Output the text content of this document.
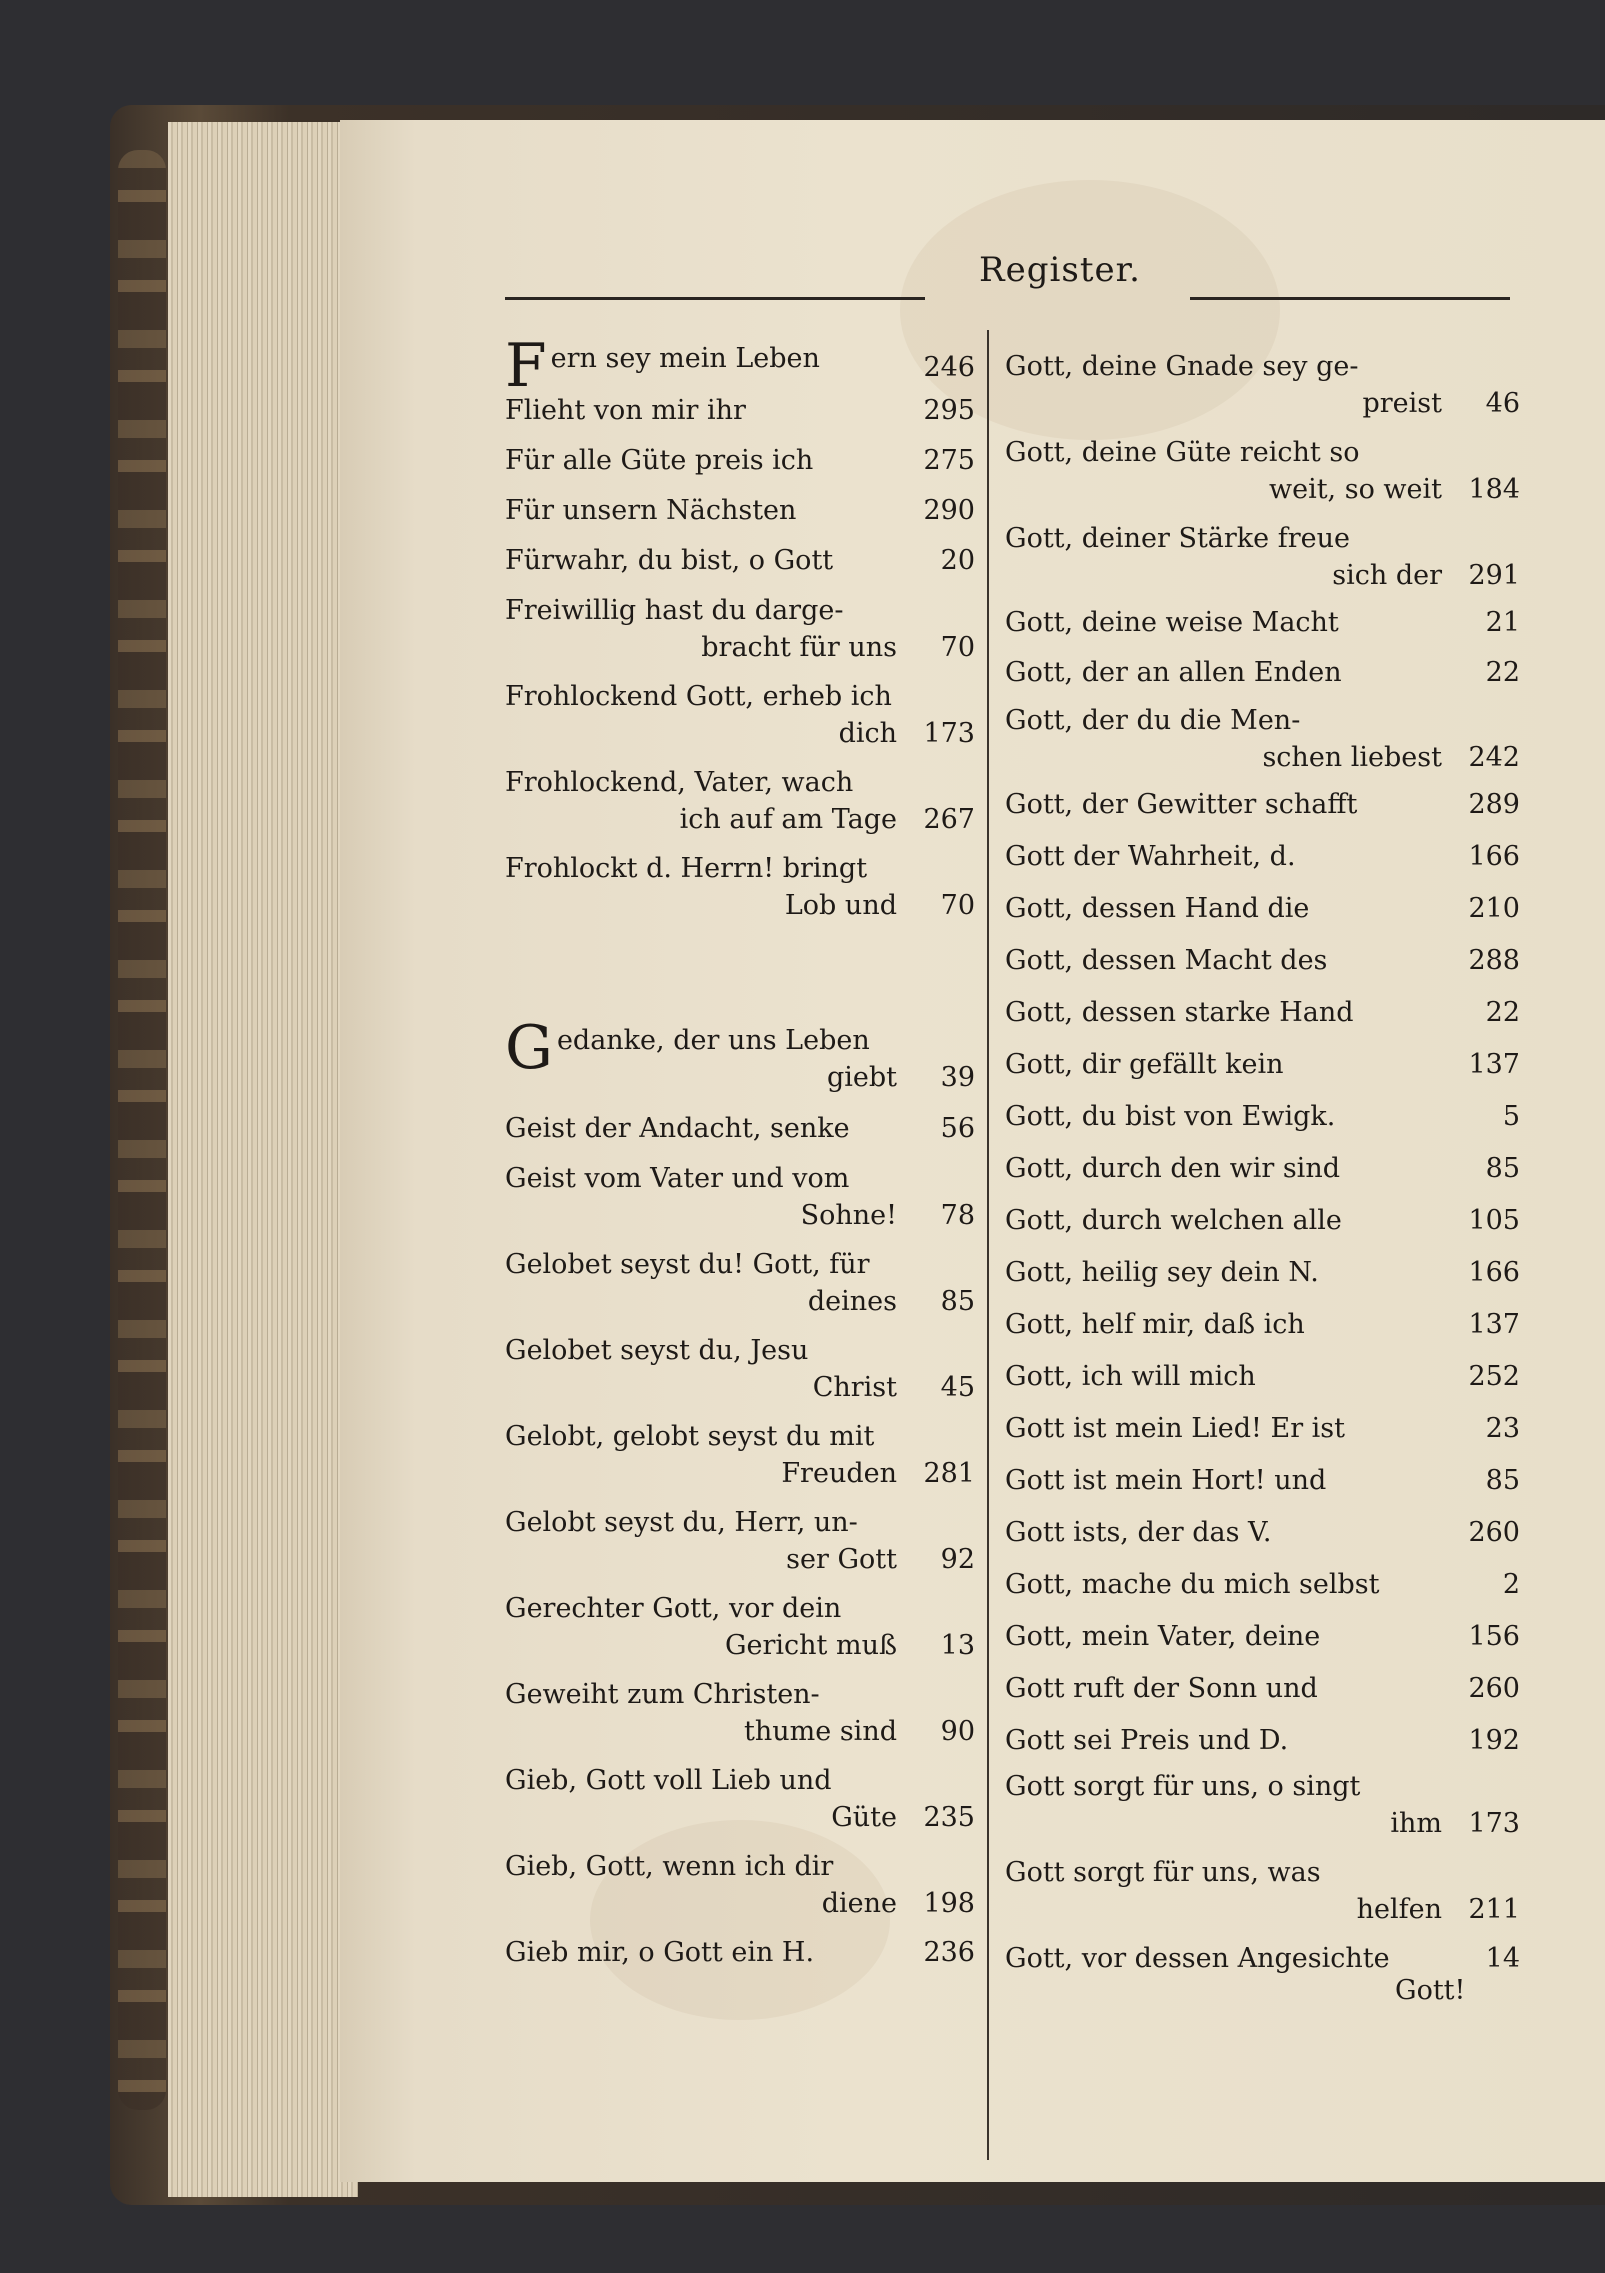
Register.
Fern sey mein Leben	246
Flieht von mir ihr	295
Für alle Güte preis ich	275
Für unsern Nächsten	290
Fürwahr, du bist, o Gott	20
Freiwillig hast du darge-
bracht für uns	70
Frohlockend Gott, erheb ich
dich 173
Frohlockend, Vater, wach
ich auf am Tage 267
Frohlockt d. Herrn! bringt
Lob und	70
Gedanke, der uns Leben
giebt	39
Geist der Andacht, senke	56
Geist vom Vater und vom
Sohne!	78
Gelobet seyst du! Gott, für
deines	85
Gelobet seyst du, Jesu
Christ	45
Gelobt, gelobt seyst du mit
Freuden 281
Gelobt seyst du, Herr, un-
ser Gott	92
Gerechter Gott, vor dein
Gericht muß	13
Geweiht zum Christen-
thume sind	90
Gieb, Gott voll Lieb und
Güte 235
Gieb, Gott, wenn ich dir
diene 198
Gieb mir, o Gott ein H.	236
Gott, deine Gnade sey ge-
preist	46
Gott, deine Güte reicht so
weit, so weit 184
Gott, deiner Stärke freue
sich der 291
Gott, deine weise Macht	21
Gott, der an allen Enden	22
Gott, der du die Men-
schen liebest 242
Gott, der Gewitter schafft	289
Gott der Wahrheit, d.	166
Gott, dessen Hand die	210
Gott, dessen Macht des	288
Gott, dessen starke Hand	22
Gott, dir gefällt kein	137
Gott, du bist von Ewigk.	5
Gott, durch den wir sind	85
Gott, durch welchen alle	105
Gott, heilig sey dein N.	166
Gott, helf mir, daß ich	137
Gott, ich will mich	252
Gott ist mein Lied! Er ist	23
Gott ist mein Hort! und	85
Gott ists, der das V.	260
Gott, mache du mich selbst	2
Gott, mein Vater, deine	156
Gott ruft der Sonn und	260
Gott sei Preis und D.	192
Gott sorgt für uns, o singt
ihm 173
Gott sorgt für uns, was
helfen 211
Gott, vor dessen Angesichte	14
Gott!
